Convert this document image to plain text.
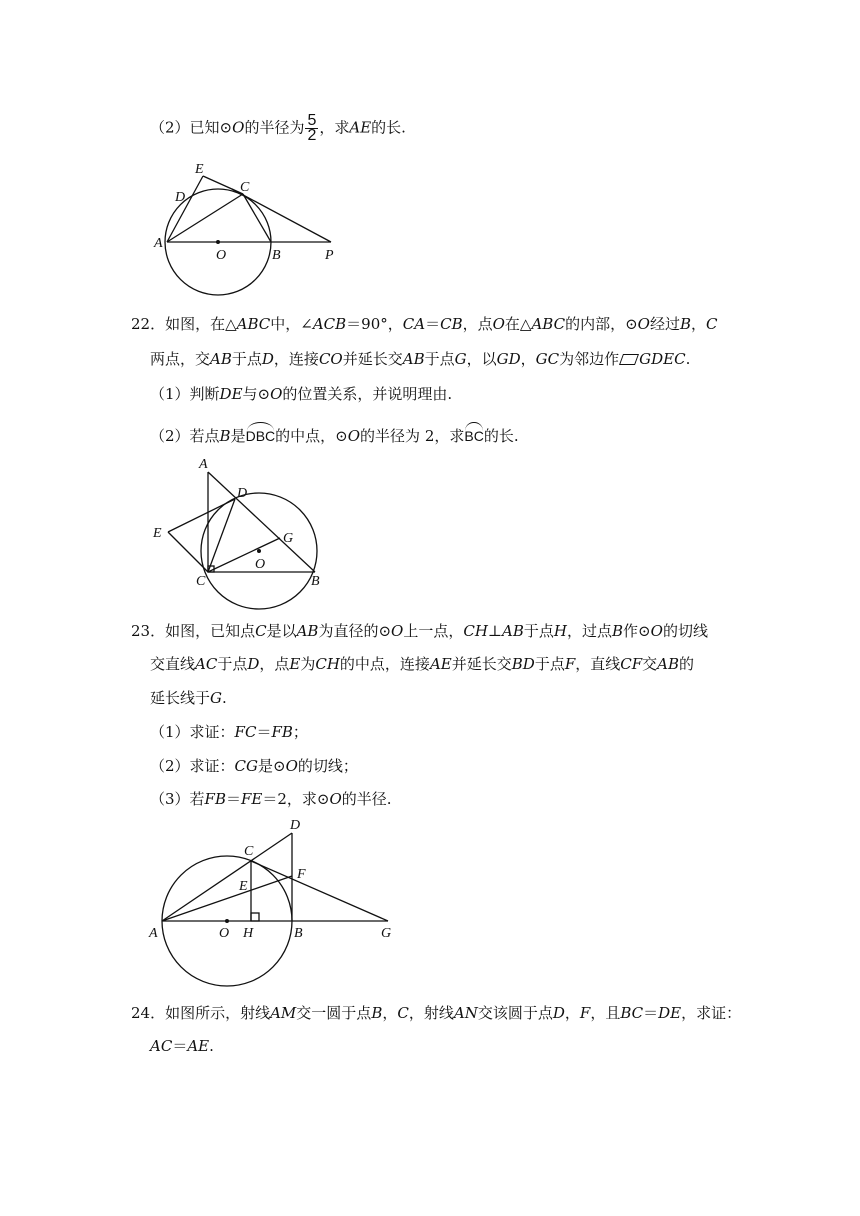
（2）已知⊙O的半径为 $\frac{5}{2}$ ，求AE的长.
E
D
C
A
O	B	P
22．如图，在△ABC中，∠ACB＝90°，CA＝CB，点O在△ABC的内部，⊙O经过B，C
两点，交AB于点D，连接CO并延长交AB于点G，以GD，GC为邻边作 GDEC.
（1）判断DE与⊙O的位置关系，并说明理由.
（2）若点B是DBC的中点，⊙O的半径为 2，求BC的长.
A
D
E	G
O
C	B
23．如图，已知点C是以AB为直径的⊙O上一点，CH⊥AB于点H，过点B作⊙O的切线
交直线AC于点D，点E为CH的中点，连接AE并延长交BD于点F，直线CF交AB的
延长线于G.
（1）求证：FC＝FB；
（2）求证：CG是⊙O的切线；
（3）若FB＝FE＝2，求⊙O的半径.
D
C
F
E
A	O H	B	G
24．如图所示，射线AM交一圆于点B，C，射线AN交该圆于点D，F，且BC＝DE，求证：
AC＝AE.
